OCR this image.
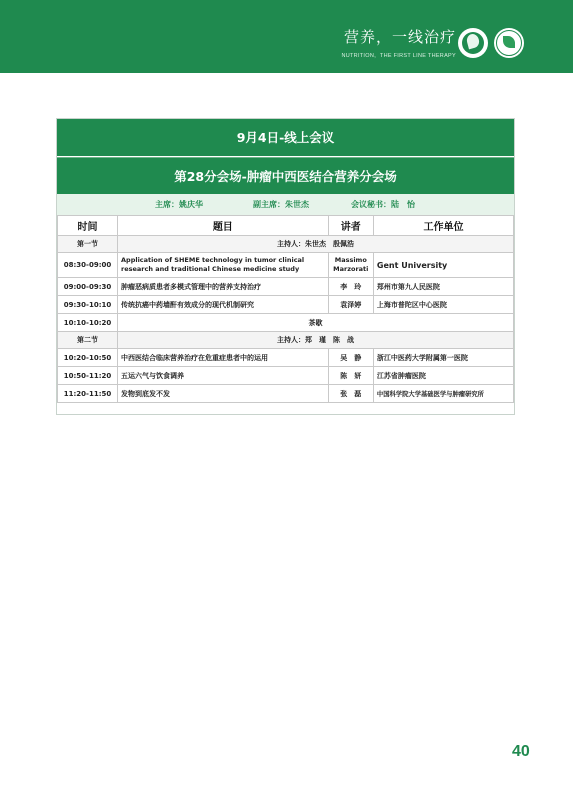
营养，一线治疗
NUTRITION，THE FIRST LINE THERAPY
9月4日-线上会议
第28分会场-肿瘤中西医结合营养分会场
主席：姚庆华	副主席：朱世杰	会议秘书：陆　怡
时间	题目	讲者	工作单位
第一节	主持人：朱世杰　殷佩浩		
08:30-09:00	Application of SHEME technology in tumor clinical research and traditional Chinese medicine study	Massimo Marzorati	Gent University
09:00-09:30	肿瘤恶病质患者多模式管理中的营养支持治疗	李　玲	郑州市第九人民医院
09:30-10:10	传统抗癌中药墙酐有效成分的现代机制研究	袁泽婷	上海市普陀区中心医院
10:10-10:20	茶歇		
第二节	主持人：郑　瑾　陈　战		
10:20-10:50	中西医结合临床营养治疗在危重症患者中的运用	吴　静	浙江中医药大学附属第一医院
10:50-11:20	五运六气与饮食调养	陈　妍	江苏省肿瘤医院
11:20-11:50	发物到底发不发	张　磊	中国科学院大学基础医学与肿瘤研究所
40
